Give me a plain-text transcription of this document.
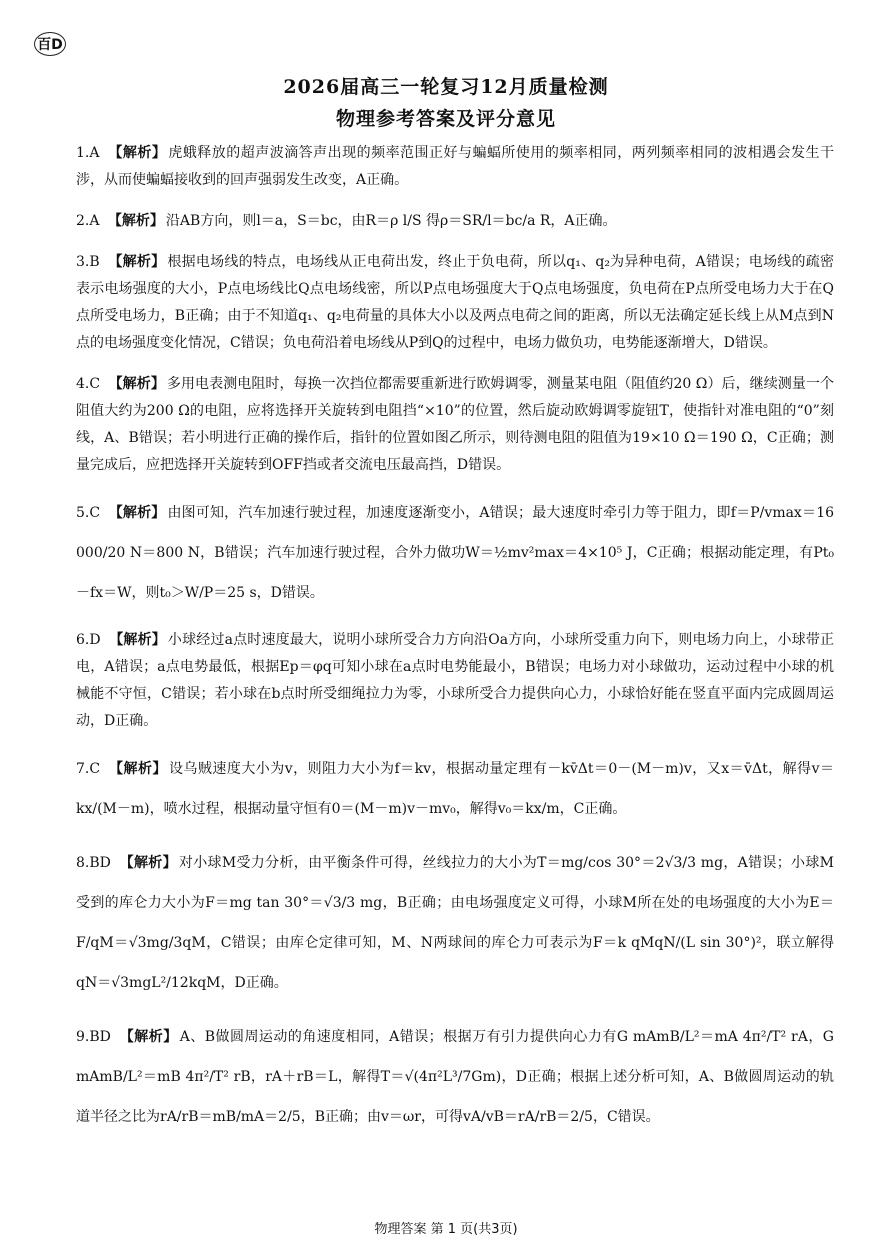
百D
2026届高三一轮复习12月质量检测
物理参考答案及评分意见
1.A 【解析】 虎蛾释放的超声波滴答声出现的频率范围正好与蝙蝠所使用的频率相同，两列频率相同的波相遇会发生干涉，从而使蝙蝠接收到的回声强弱发生改变，A正确。
2.A 【解析】 沿AB方向，则l＝a，S＝bc，由R＝ρ l/S 得ρ＝SR/l＝bc/a R，A正确。
3.B 【解析】 根据电场线的特点，电场线从正电荷出发，终止于负电荷，所以q₁、q₂为异种电荷，A错误；电场线的疏密表示电场强度的大小，P点电场线比Q点电场线密，所以P点电场强度大于Q点电场强度，负电荷在P点所受电场力大于在Q点所受电场力，B正确；由于不知道q₁、q₂电荷量的具体大小以及两点电荷之间的距离，所以无法确定延长线上从M点到N点的电场强度变化情况，C错误；负电荷沿着电场线从P到Q的过程中，电场力做负功，电势能逐渐增大，D错误。
4.C 【解析】 多用电表测电阻时，每换一次挡位都需要重新进行欧姆调零，测量某电阻（阻值约20 Ω）后，继续测量一个阻值大约为200 Ω的电阻，应将选择开关旋转到电阻挡“×10”的位置，然后旋动欧姆调零旋钮T，使指针对准电阻的“0”刻线，A、B错误；若小明进行正确的操作后，指针的位置如图乙所示，则待测电阻的阻值为19×10 Ω＝190 Ω，C正确；测量完成后，应把选择开关旋转到OFF挡或者交流电压最高挡，D错误。
5.C 【解析】 由图可知，汽车加速行驶过程，加速度逐渐变小，A错误；最大速度时牵引力等于阻力，即f＝P/vmax＝16 000/20 N＝800 N，B错误；汽车加速行驶过程，合外力做功W＝½mv²max＝4×10⁵ J，C正确；根据动能定理，有Pt₀－fx＝W，则t₀＞W/P＝25 s，D错误。
6.D 【解析】 小球经过a点时速度最大，说明小球所受合力方向沿Oa方向，小球所受重力向下，则电场力向上，小球带正电，A错误；a点电势最低，根据Ep＝φq可知小球在a点时电势能最小，B错误；电场力对小球做功，运动过程中小球的机械能不守恒，C错误；若小球在b点时所受细绳拉力为零，小球所受合力提供向心力，小球恰好能在竖直平面内完成圆周运动，D正确。
7.C 【解析】 设乌贼速度大小为v，则阻力大小为f＝kv，根据动量定理有－kv̄Δt＝0－(M－m)v，又x＝v̄Δt，解得v＝kx/(M－m)，喷水过程，根据动量守恒有0＝(M－m)v－mv₀，解得v₀＝kx/m，C正确。
8.BD 【解析】 对小球M受力分析，由平衡条件可得，丝线拉力的大小为T＝mg/cos 30°＝2√3/3 mg，A错误；小球M受到的库仑力大小为F＝mg tan 30°＝√3/3 mg，B正确；由电场强度定义可得，小球M所在处的电场强度的大小为E＝F/qM＝√3mg/3qM，C错误；由库仑定律可知，M、N两球间的库仑力可表示为F＝k qMqN/(L sin 30°)²，联立解得qN＝√3mgL²/12kqM，D正确。
9.BD 【解析】 A、B做圆周运动的角速度相同，A错误；根据万有引力提供向心力有G mAmB/L²＝mA 4π²/T² rA，G mAmB/L²＝mB 4π²/T² rB，rA＋rB＝L，解得T＝√(4π²L³/7Gm)，D正确；根据上述分析可知，A、B做圆周运动的轨道半径之比为rA/rB＝mB/mA＝2/5，B正确；由v＝ωr，可得vA/vB＝rA/rB＝2/5，C错误。
物理答案 第 1 页(共3页)
